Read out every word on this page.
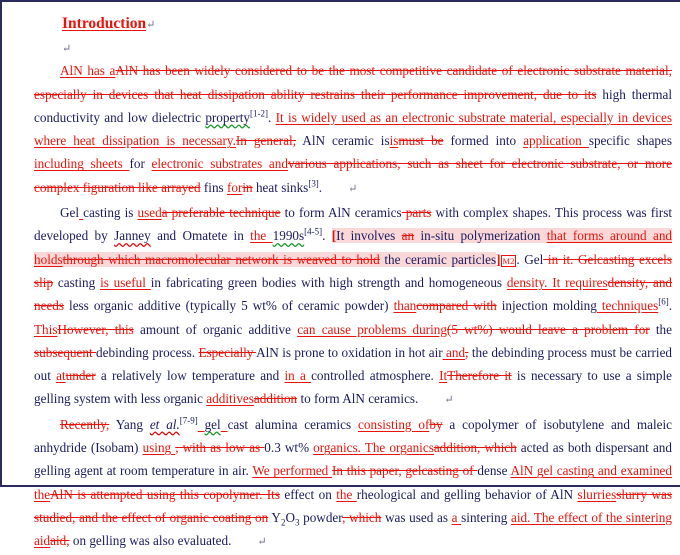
Introduction↵
↵

AlN has aAlN has been widely considered to be the most competitive candidate of electronic substrate material, especially in devices that heat dissipation ability restrains their performance improvement, due to its high thermal conductivity and low dielectric property[1-2]. It is widely used as an electronic substrate material, especially in devices where heat dissipation is necessary.In general, AlN ceramic isismust be formed into application specific shapes including sheets for electronic substrates andvarious applications, such as sheet for electronic substrate, or more complex figuration like arrayed fins forin heat sinks[3].↵

Gel casting is useda preferable technique to form AlN ceramics parts with complex shapes. This process was first developed by Janney and Omatete in the 1990s[4-5]. [It involves an in-situ polymerization that forms around and holdsthrough which macromolecular network is weaved to hold the ceramic particles] M2 . Gel in it. Gelcasting excels slip casting is useful in fabricating green bodies with high strength and homogeneous density. It requiresdensity, and needs less organic additive (typically 5 wt% of ceramic powder) thancompared with injection molding techniques[6]. ThisHowever, this amount of organic additive can cause problems during(5 wt%) would leave a problem for the subsequent debinding process. Especially AlN is prone to oxidation in hot air and, the debinding process must be carried out atunder a relatively low temperature and in a controlled atmosphere. ItTherefore it is necessary to use a simple gelling system with less organic additivesaddition to form AlN ceramics.↵

Recently, Yang et al.[7-9] gel cast alumina ceramics consisting ofby a copolymer of isobutylene and maleic anhydride (Isobam) using , with as low as 0.3 wt% organics. The organicsaddition, which acted as both dispersant and gelling agent at room temperature in air. We performed In this paper, gelcasting of dense AlN gel casting and examined theAlN is attempted using this copolymer. Its effect on the rheological and gelling behavior of AlN slurriesslurry was studied, and the effect of organic coating on $Y_2O_3$ powder, which was used as a sintering aid. The effect of the sintering aidaid, on gelling was also evaluated.↵
